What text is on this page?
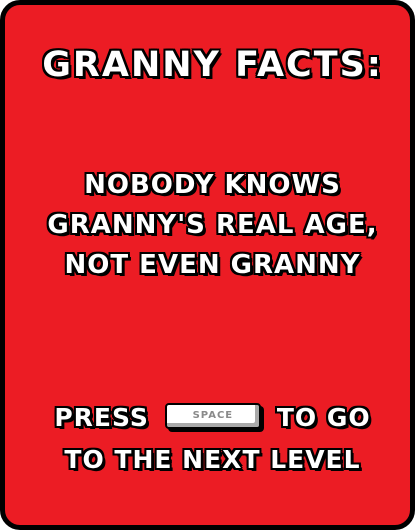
GRANNY FACTS:
NOBODY KNOWS
GRANNY'S REAL AGE,
NOT EVEN GRANNY
PRESS	SPACE TO GO
TO THE NEXT LEVEL
